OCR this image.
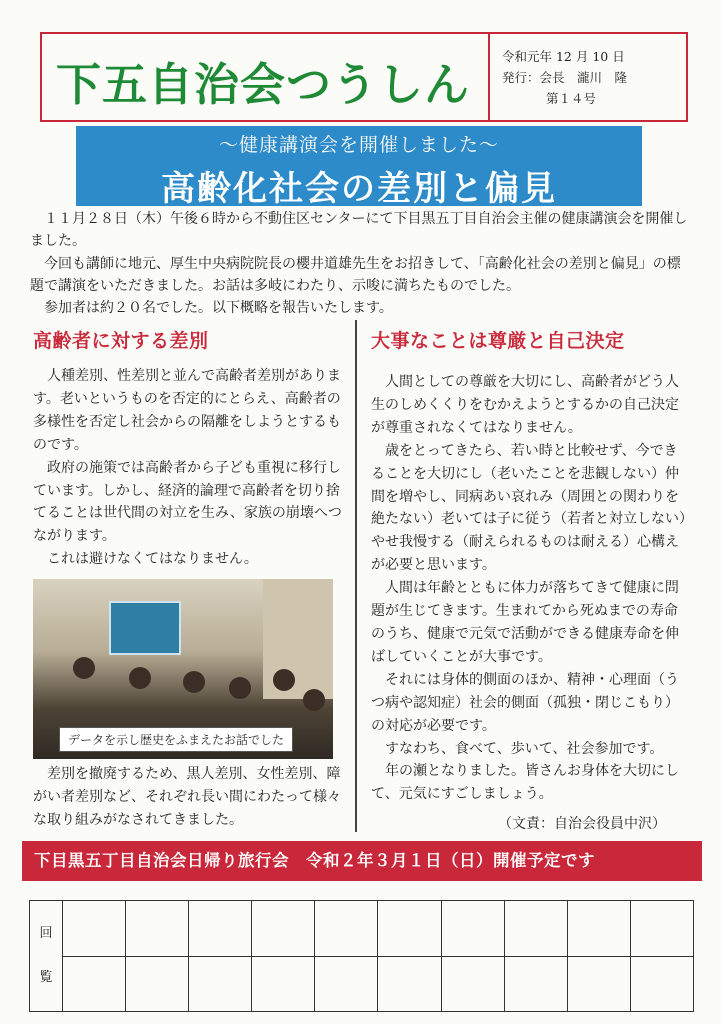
下五自治会つうしん
令和元年 12 月 10 日
発行：会長　瀧川　隆
第１４号
～健康講演会を開催しました～
高齢化社会の差別と偏見

１１月２８日（木）午後６時から不動住区センターにて下目黒五丁目自治会主催の健康講演会を開催しました。

今回も講師に地元、厚生中央病院院長の櫻井道雄先生をお招きして、「高齢化社会の差別と偏見」の標題で講演をいただきました。お話は多岐にわたり、示唆に満ちたものでした。

参加者は約２０名でした。以下概略を報告いたします。

高齢者に対する差別

人種差別、性差別と並んで高齢者差別があります。老いというものを否定的にとらえ、高齢者の多様性を否定し社会からの隔離をしようとするものです。

政府の施策では高齢者から子ども重視に移行しています。しかし、経済的論理で高齢者を切り捨てることは世代間の対立を生み、家族の崩壊へつながります。

これは避けなくてはなりません。

データを示し歴史をふまえたお話でした

差別を撤廃するため、黒人差別、女性差別、障がい者差別など、それぞれ長い間にわたって様々な取り組みがなされてきました。

大事なことは尊厳と自己決定

人間としての尊厳を大切にし、高齢者がどう人生のしめくくりをむかえようとするかの自己決定が尊重されなくてはなりません。

歳をとってきたら、若い時と比較せず、今できることを大切にし（老いたことを悲観しない）仲間を増やし、同病あい哀れみ（周囲との関わりを絶たない）老いては子に従う（若者と対立しない）やせ我慢する（耐えられるものは耐える）心構えが必要と思います。

人間は年齢とともに体力が落ちてきて健康に問題が生じてきます。生まれてから死ぬまでの寿命のうち、健康で元気で活動ができる健康寿命を伸ばしていくことが大事です。

それには身体的側面のほか、精神・心理面（うつ病や認知症）社会的側面（孤独・閉じこもり）の対応が必要です。

すなわち、食べて、歩いて、社会参加です。

年の瀬となりました。皆さんお身体を大切にして、元気にすごしましょう。

（文責：自治会役員中沢）
下目黒五丁目自治会日帰り旅行会　令和２年３月１日（日）開催予定です
回

覧										
